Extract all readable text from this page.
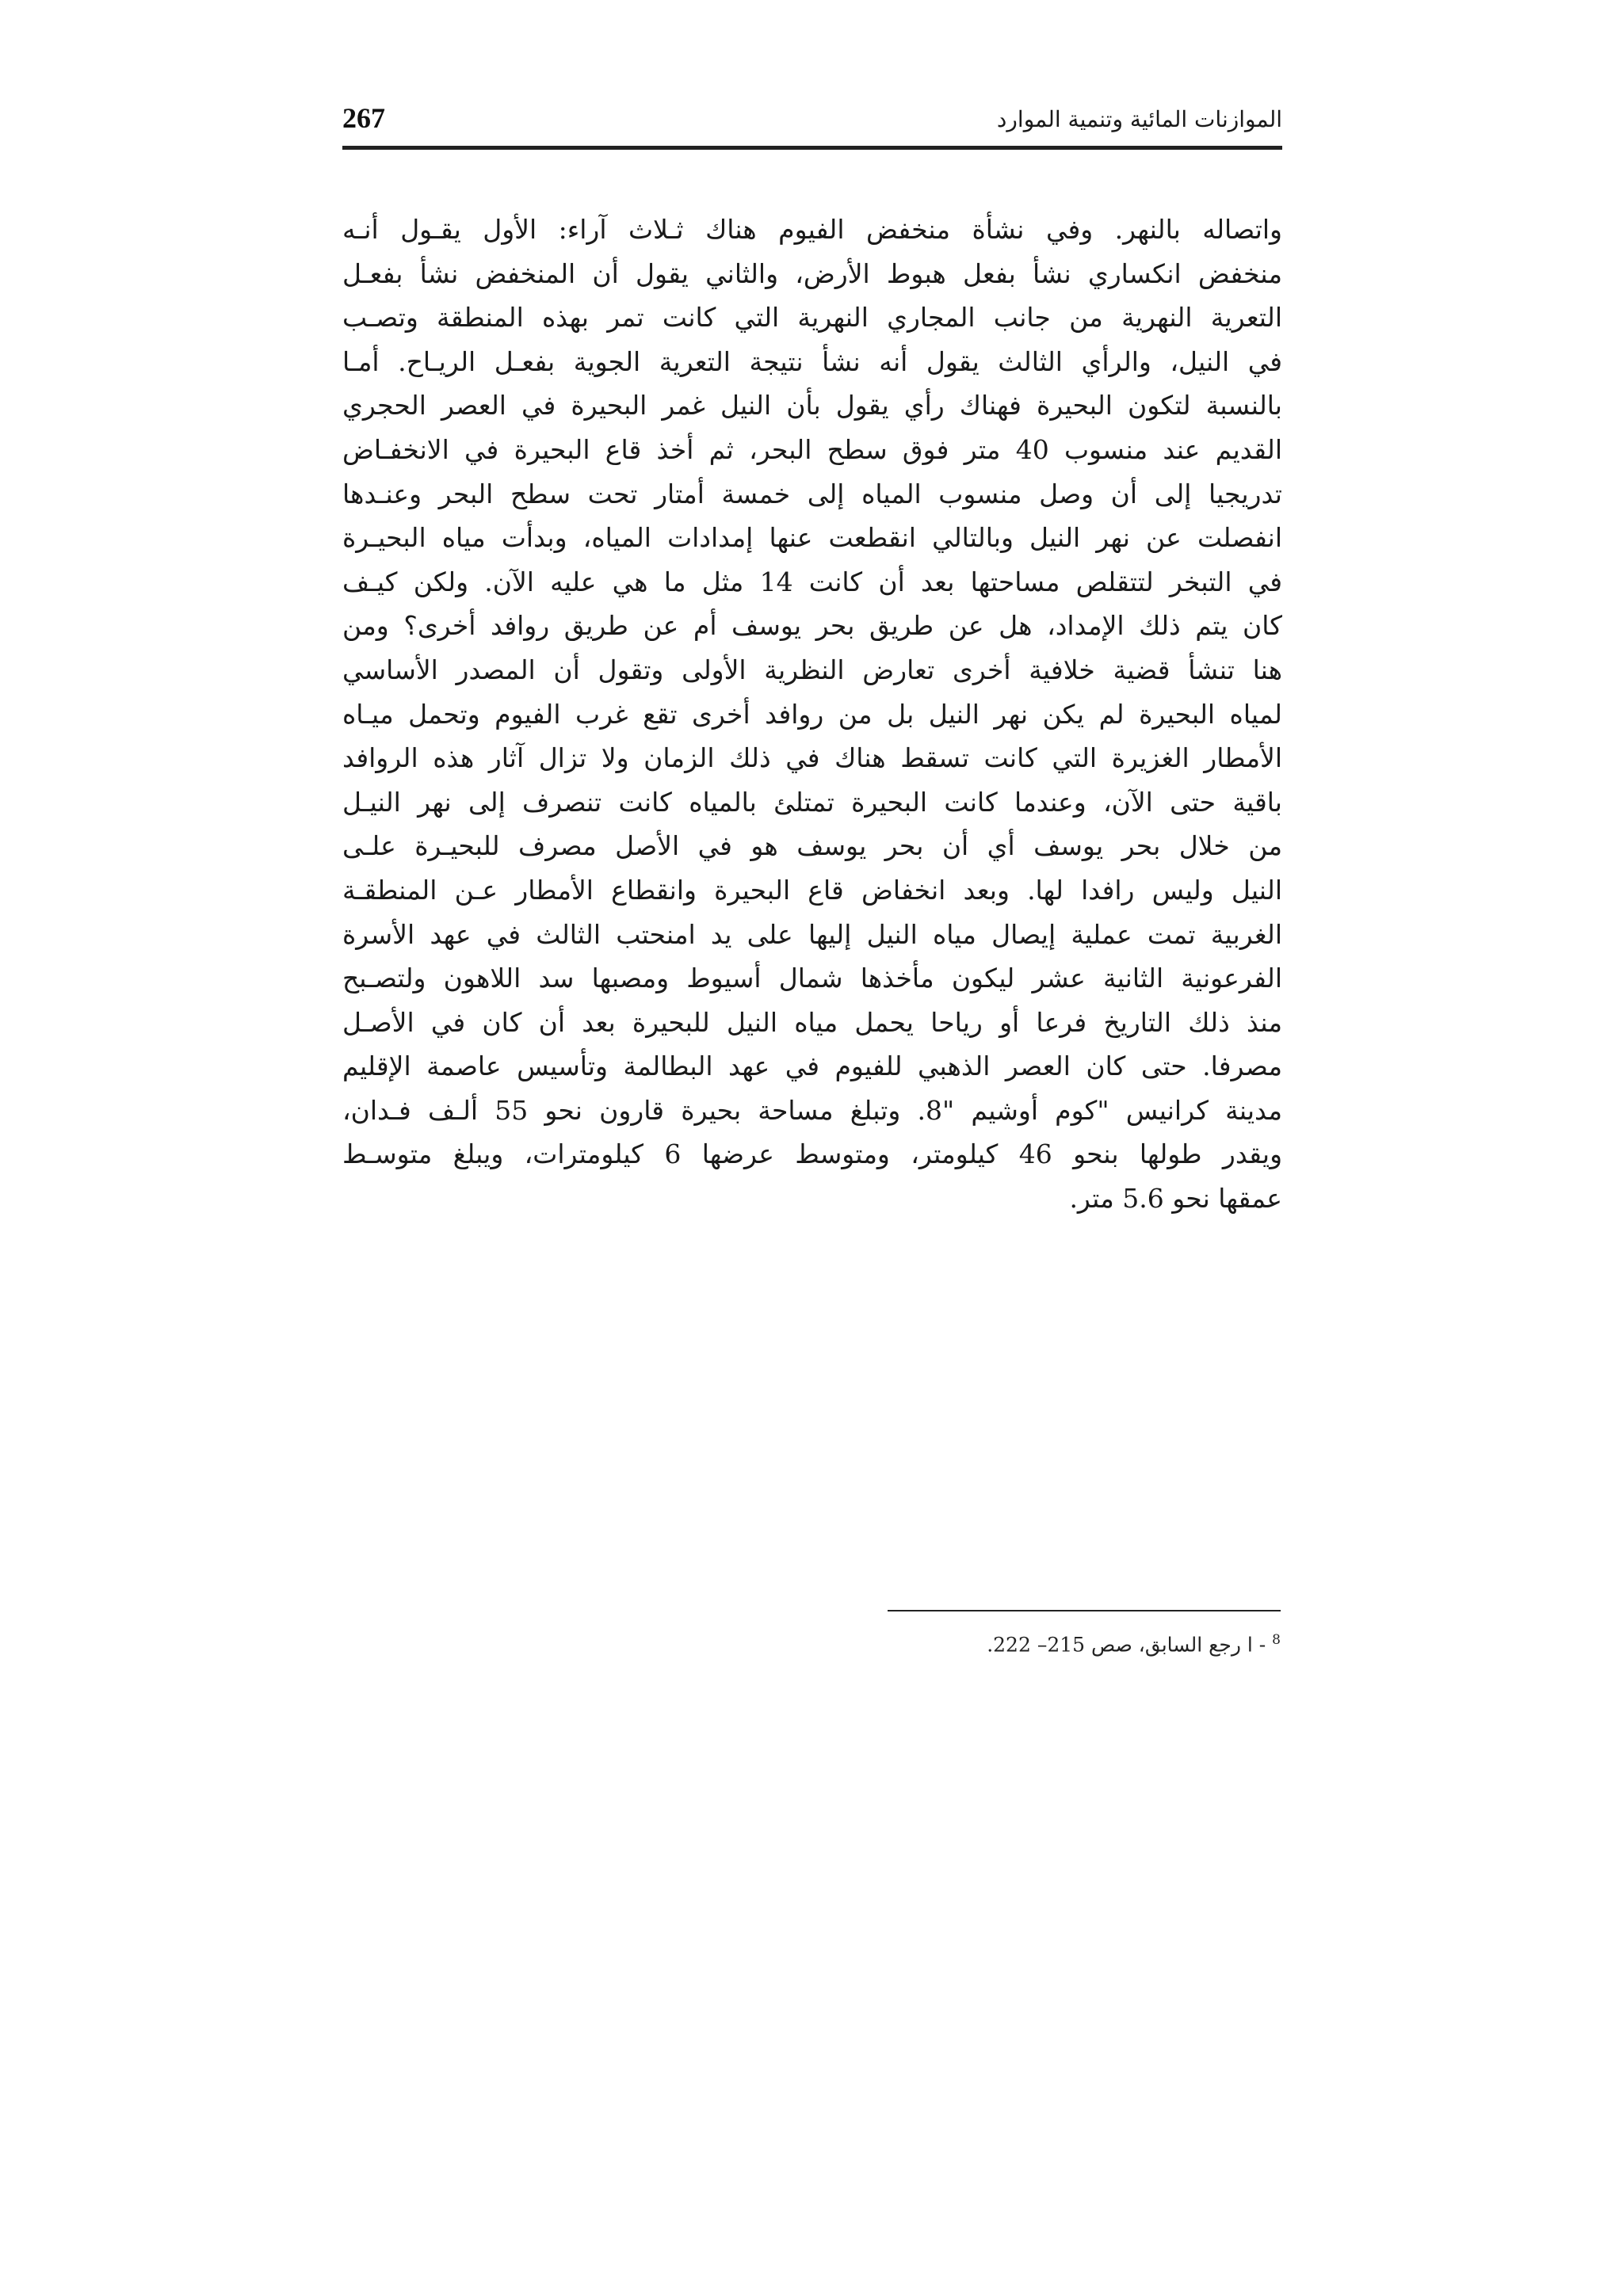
الموازنات المائية وتنمية الموارد
267
واتصاله بالنهر. وفي نشأة منخفض الفيوم هناك ثـلاث آراء: الأول يقـول أنـه
منخفض انكساري نشأ بفعل هبوط الأرض، والثاني يقول أن المنخفض نشأ بفعـل
التعرية النهرية من جانب المجاري النهرية التي كانت تمر بهذه المنطقة وتصـب
في النيل، والرأي الثالث يقول أنه نشأ نتيجة التعرية الجوية بفعـل الريـاح. أمـا
بالنسبة لتكون البحيرة فهناك رأي يقول بأن النيل غمر البحيرة في العصر الحجري
القديم عند منسوب 40 متر فوق سطح البحر، ثم أخذ قاع البحيرة في الانخفـاض
تدريجيا إلى أن وصل منسوب المياه إلى خمسة أمتار تحت سطح البحر وعنـدها
انفصلت عن نهر النيل وبالتالي انقطعت عنها إمدادات المياه، وبدأت مياه البحيـرة
في التبخر لتتقلص مساحتها بعد أن كانت 14 مثل ما هي عليه الآن. ولكن كيـف
كان يتم ذلك الإمداد، هل عن طريق بحر يوسف أم عن طريق روافد أخرى؟ ومن
هنا تنشأ قضية خلافية أخرى تعارض النظرية الأولى وتقول أن المصدر الأساسي
لمياه البحيرة لم يكن نهر النيل بل من روافد أخرى تقع غرب الفيوم وتحمل ميـاه
الأمطار الغزيرة التي كانت تسقط هناك في ذلك الزمان ولا تزال آثار هذه الروافد
باقية حتى الآن، وعندما كانت البحيرة تمتلئ بالمياه كانت تنصرف إلى نهر النيـل
من خلال بحر يوسف أي أن بحر يوسف هو في الأصل مصرف للبحيـرة علـى
النيل وليس رافدا لها. وبعد انخفاض قاع البحيرة وانقطاع الأمطار عـن المنطقـة
الغربية تمت عملية إيصال مياه النيل إليها على يد امنحتب الثالث في عهد الأسرة
الفرعونية الثانية عشر ليكون مأخذها شمال أسيوط ومصبها سد اللاهون ولتصـبح
منذ ذلك التاريخ فرعا أو رياحا يحمل مياه النيل للبحيرة بعد أن كان في الأصـل
مصرفا. حتى كان العصر الذهبي للفيوم في عهد البطالمة وتأسيس عاصمة الإقليم
مدينة كرانيس "كوم أوشيم "8. وتبلغ مساحة بحيرة قارون نحو 55 ألـف فـدان،
ويقدر طولها بنحو 46 كيلومتر، ومتوسط عرضها 6 كيلومترات، ويبلغ متوسـط
عمقها نحو 5.6 متر.
$^8$ - ا رجع السابق، صص 215– 222.
